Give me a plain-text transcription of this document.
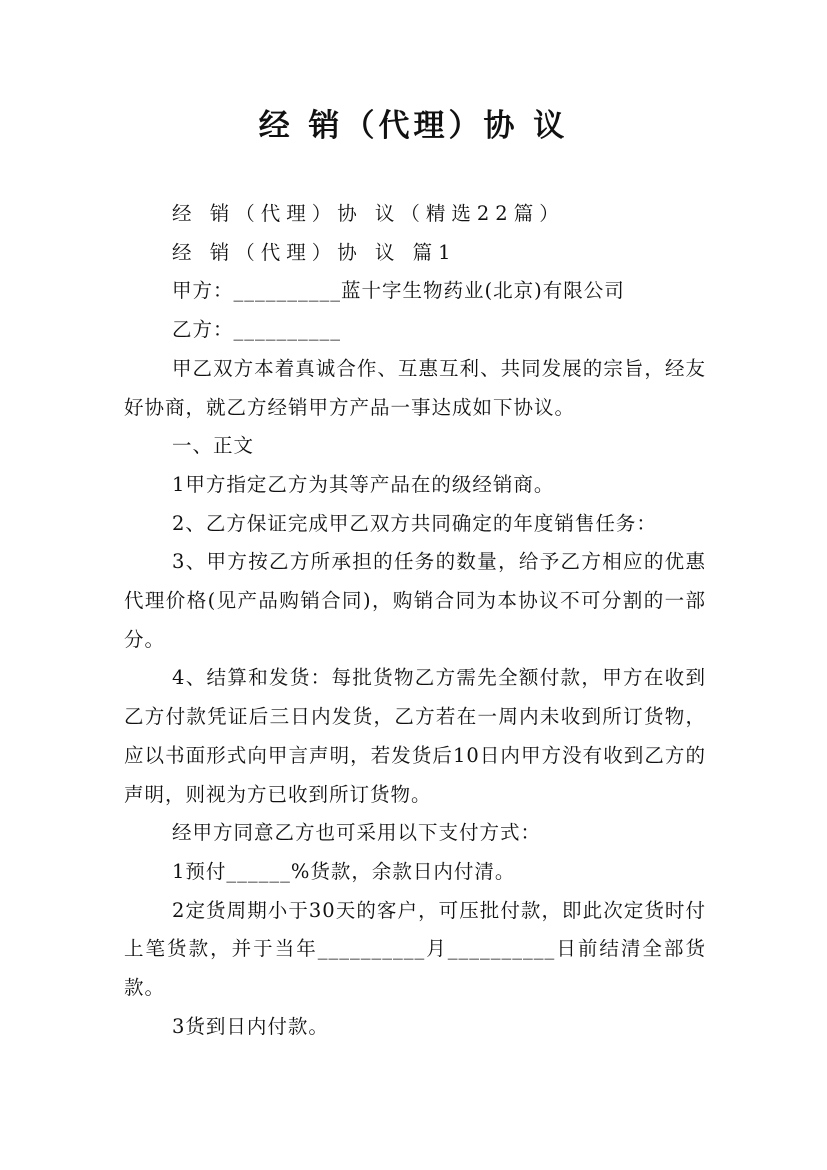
经 销（代理）协 议

经 销（代理）协 议（精选22篇）

经 销（代理）协 议 篇1

甲方：__________蓝十字生物药业(北京)有限公司

乙方：__________

甲乙双方本着真诚合作、互惠互利、共同发展的宗旨，经友好协商，就乙方经销甲方产品一事达成如下协议。

一、正文

1甲方指定乙方为其等产品在的级经销商。

2、乙方保证完成甲乙双方共同确定的年度销售任务：

3、甲方按乙方所承担的任务的数量，给予乙方相应的优惠代理价格(见产品购销合同)，购销合同为本协议不可分割的一部分。

4、结算和发货：每批货物乙方需先全额付款，甲方在收到乙方付款凭证后三日内发货，乙方若在一周内未收到所订货物，应以书面形式向甲言声明，若发货后10日内甲方没有收到乙方的声明，则视为方已收到所订货物。

经甲方同意乙方也可采用以下支付方式：

1预付______%货款，余款日内付清。

2定货周期小于30天的客户，可压批付款，即此次定货时付上笔货款，并于当年__________月__________日前结清全部货款。

3货到日内付款。
